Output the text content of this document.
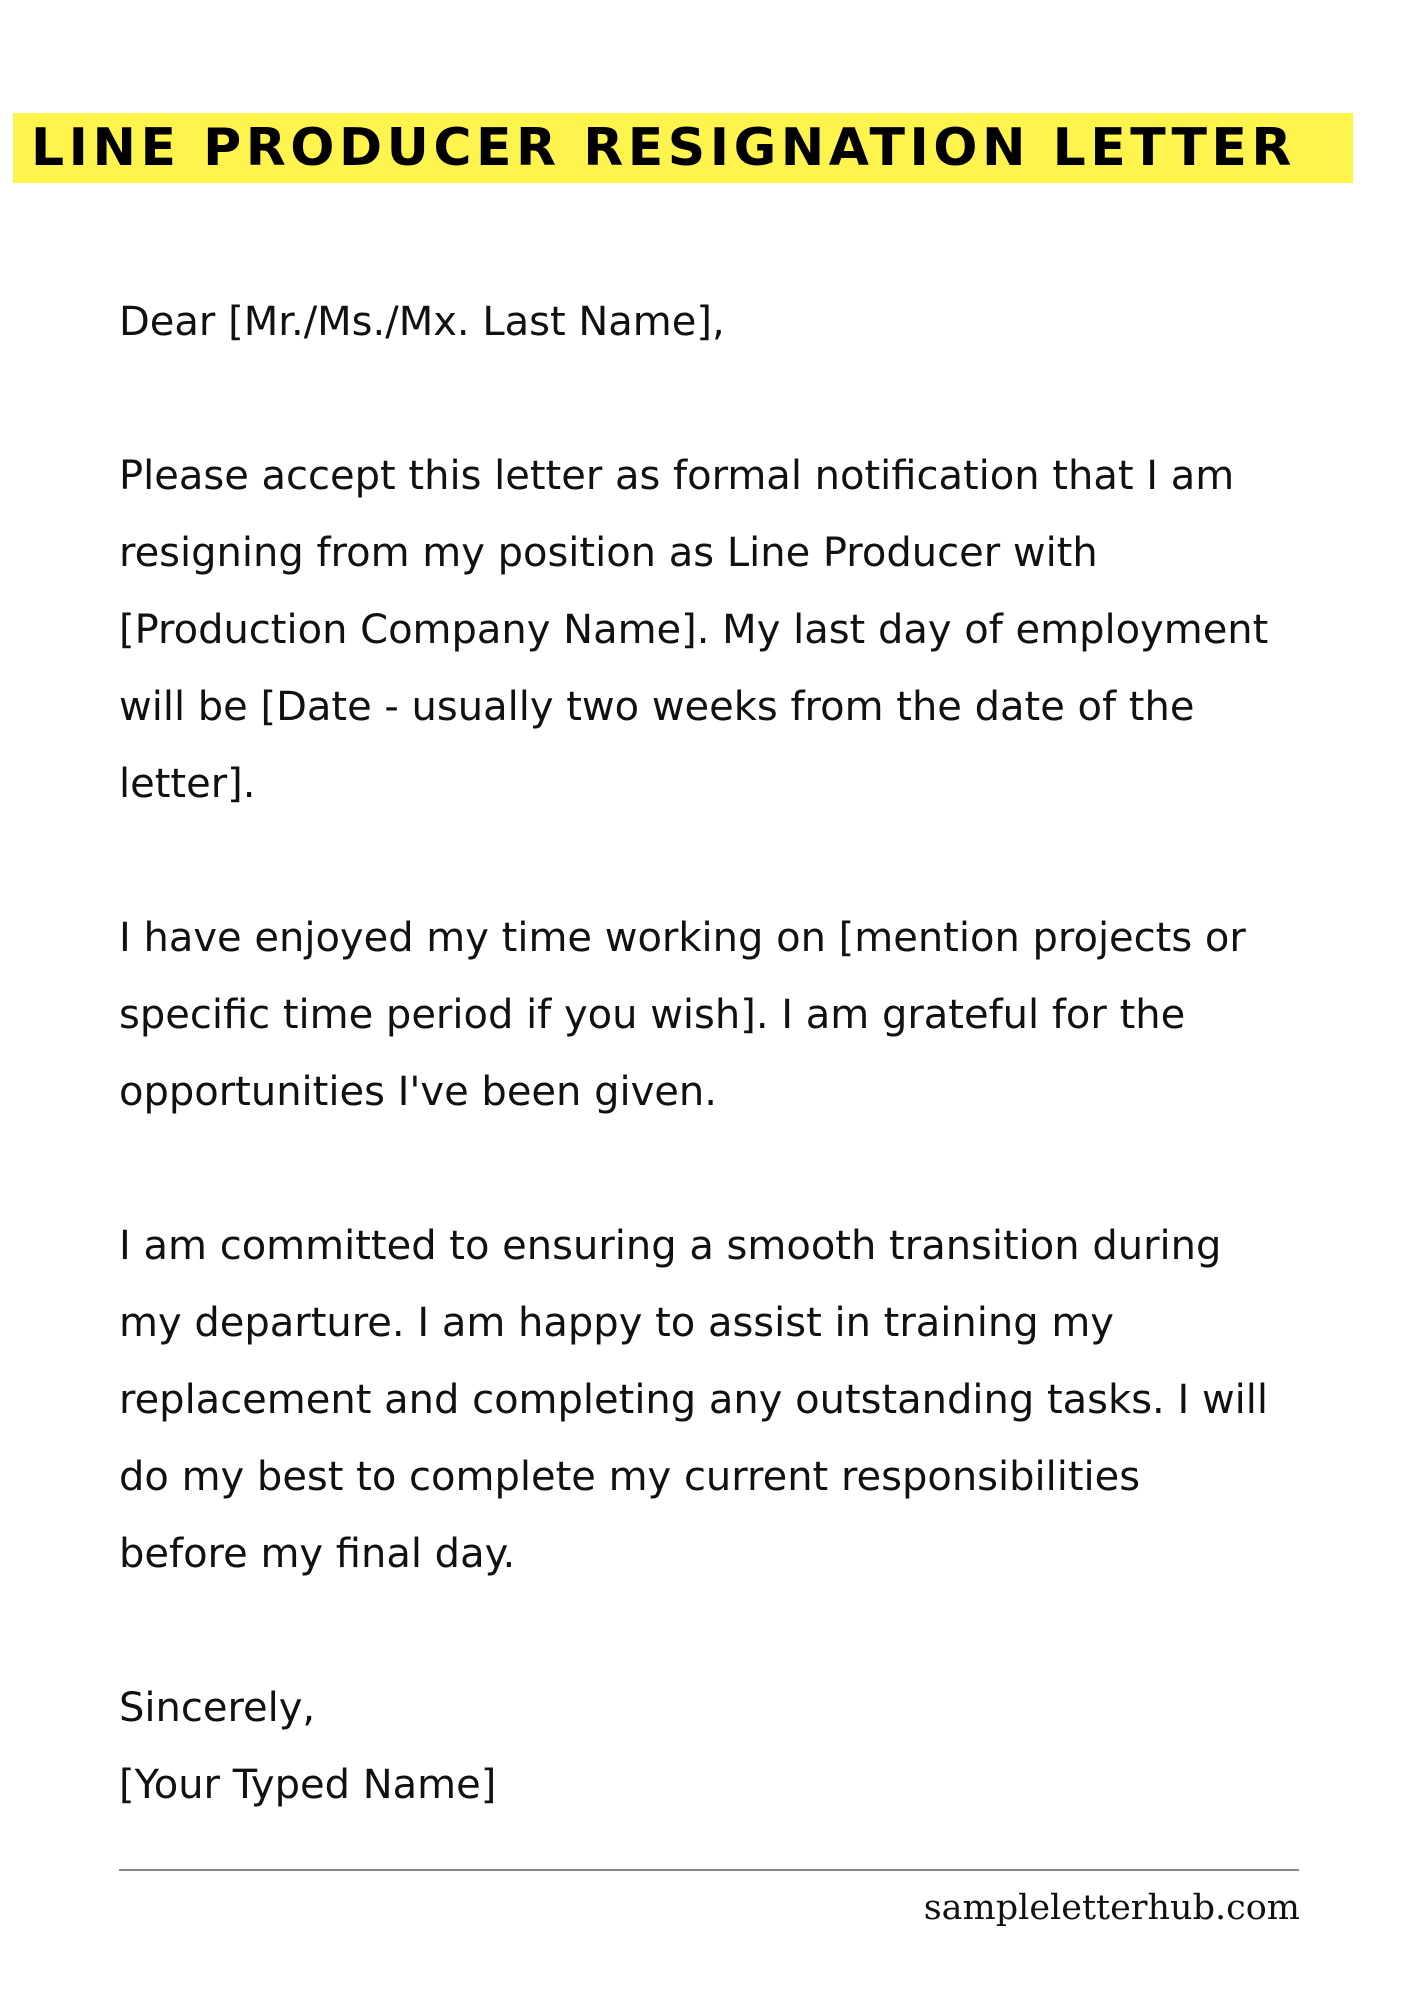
LINE PRODUCER RESIGNATION LETTER
Dear [Mr./Ms./Mx. Last Name],
Please accept this letter as formal notification that I am
resigning from my position as Line Producer with
[Production Company Name]. My last day of employment
will be [Date - usually two weeks from the date of the
letter].
I have enjoyed my time working on [mention projects or
specific time period if you wish]. I am grateful for the
opportunities I've been given.
I am committed to ensuring a smooth transition during
my departure. I am happy to assist in training my
replacement and completing any outstanding tasks. I will
do my best to complete my current responsibilities
before my final day.
Sincerely,
[Your Typed Name]

sampleletterhub.com
